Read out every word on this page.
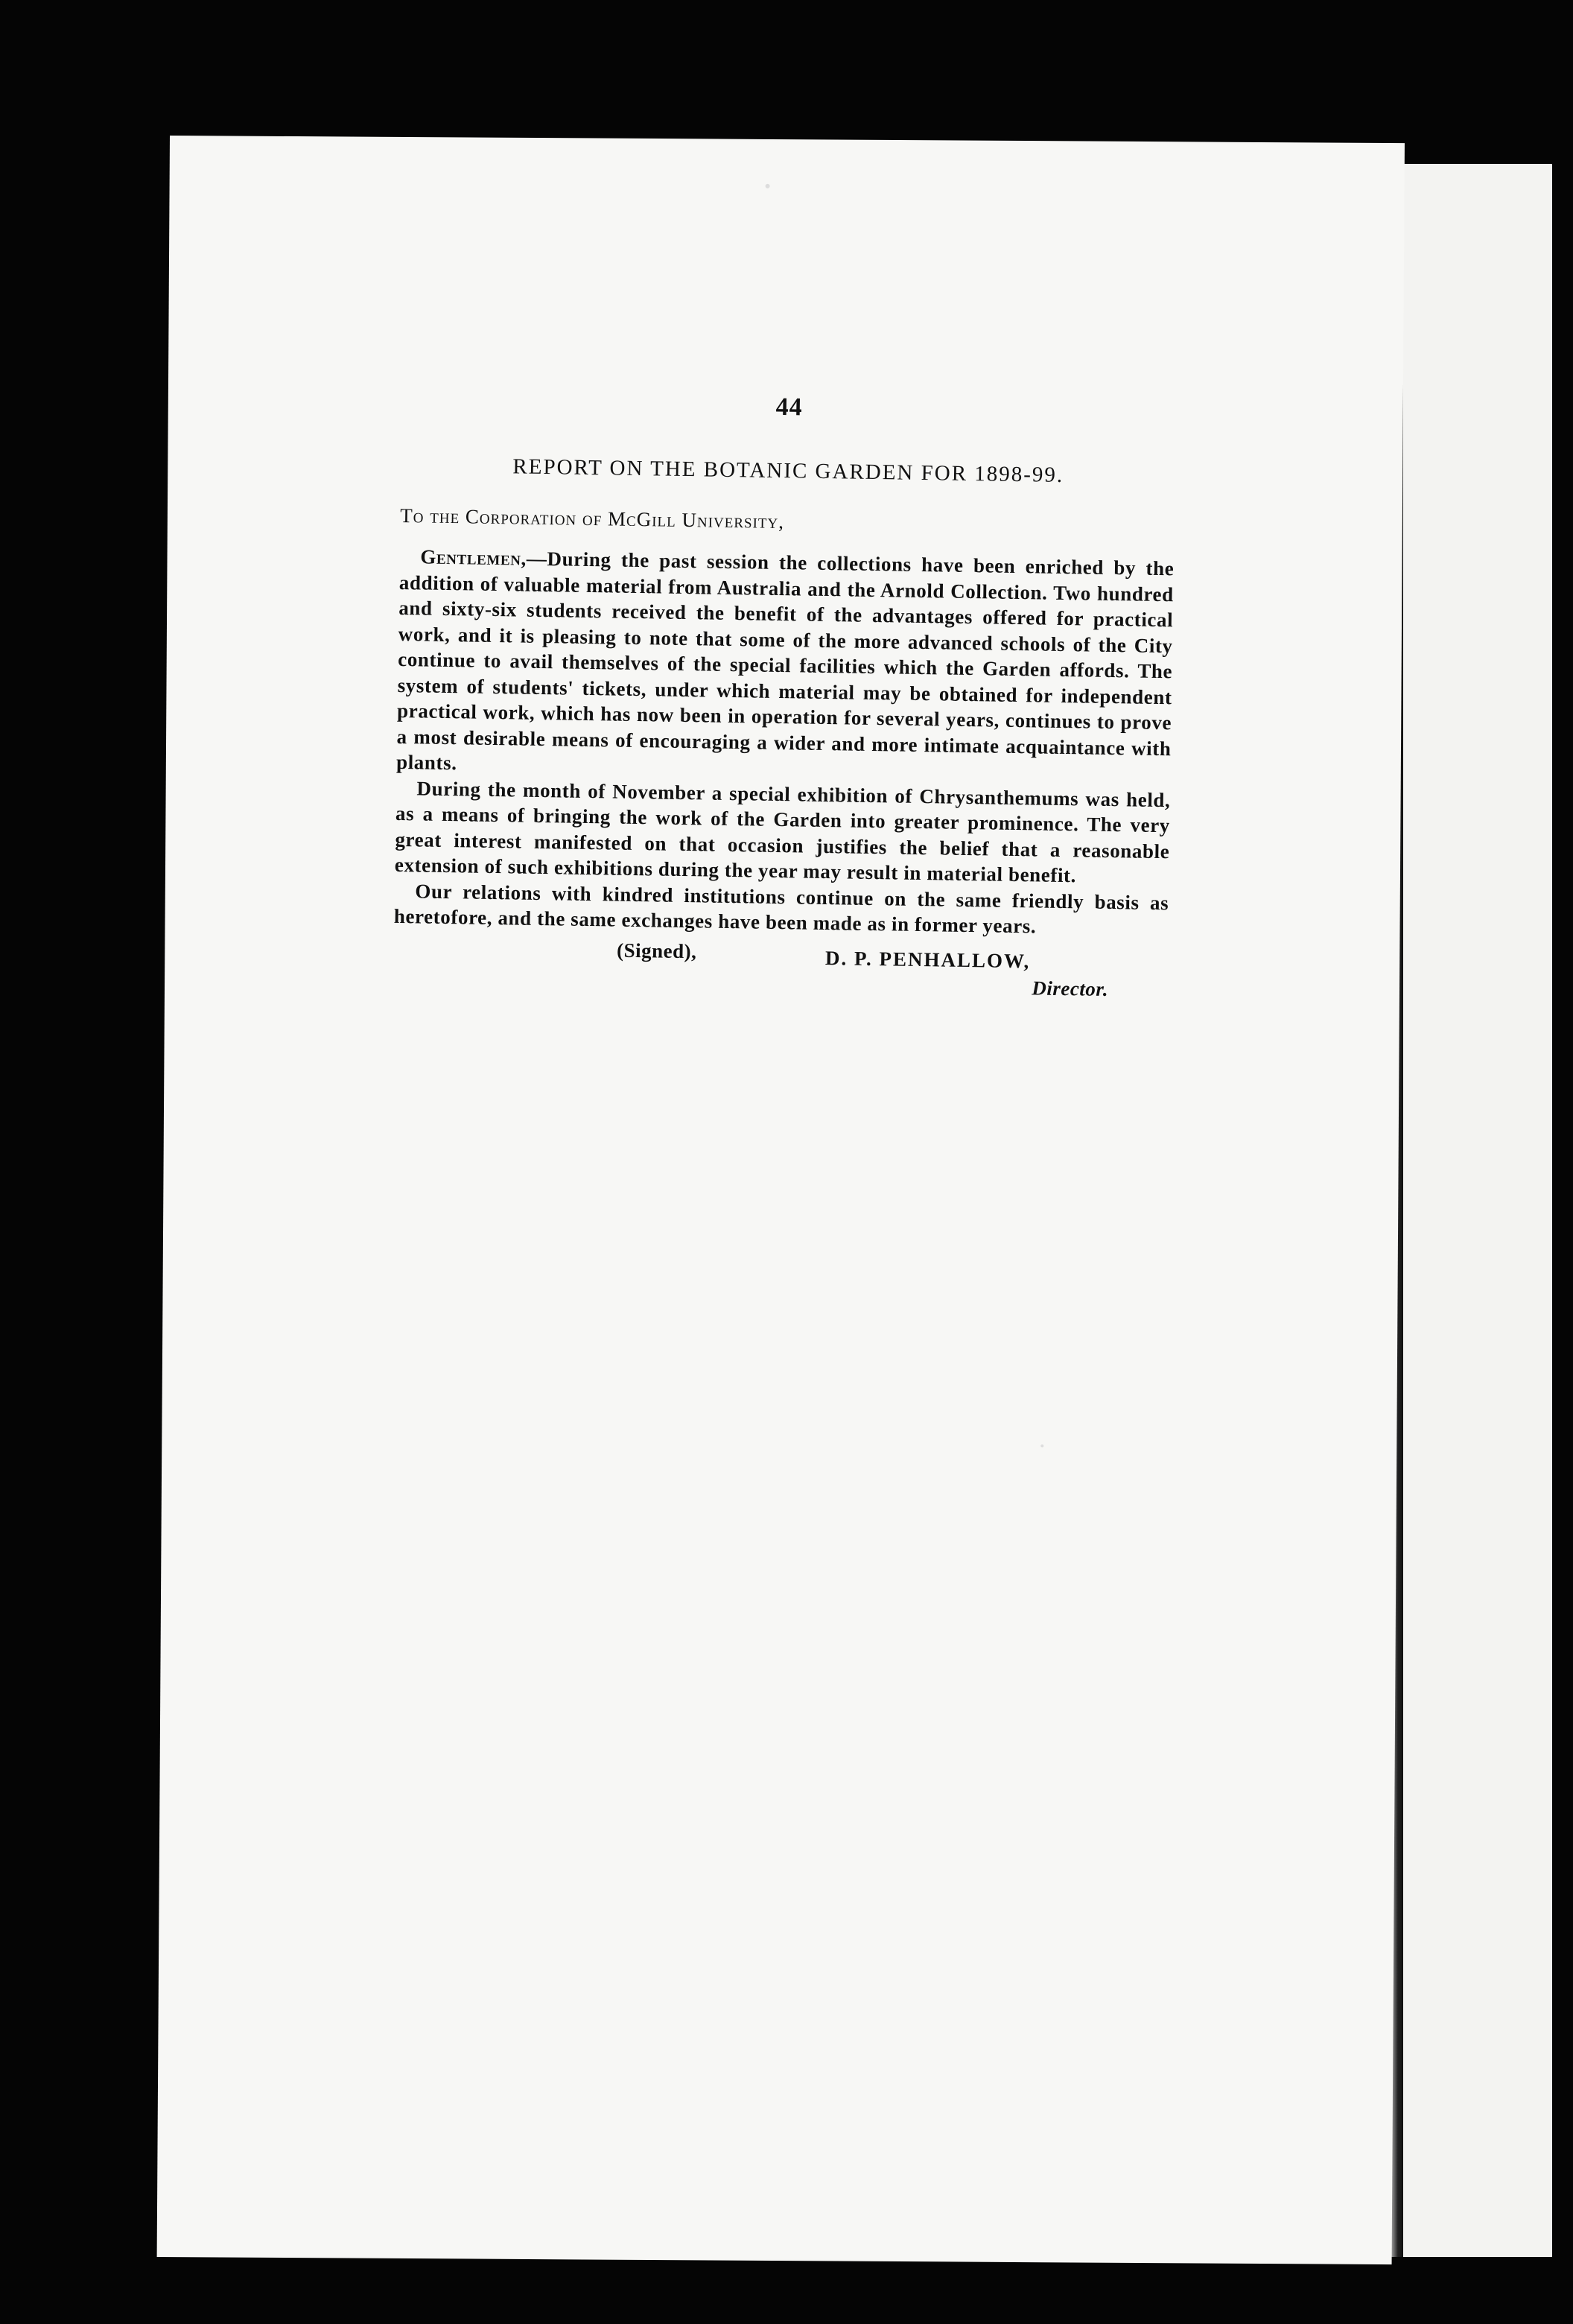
44
REPORT ON THE BOTANIC GARDEN FOR 1898-99.
To the Corporation of McGill University,

Gentlemen,—During the past session the collections have been enriched by the addition of valuable material from Australia and the Arnold Collection. Two hundred and sixty-six students received the benefit of the advantages offered for practical work, and it is pleasing to note that some of the more advanced schools of the City continue to avail themselves of the special facilities which the Garden affords. The system of students' tickets, under which material may be obtained for independent practical work, which has now been in operation for several years, continues to prove a most desirable means of encouraging a wider and more intimate acquaintance with plants.

During the month of November a special exhibition of Chrysanthemums was held, as a means of bringing the work of the Garden into greater prominence. The very great interest manifested on that occasion justifies the belief that a reasonable extension of such exhibitions during the year may result in material benefit.

Our relations with kindred institutions continue on the same friendly basis as heretofore, and the same exchanges have been made as in former years.

(Signed),	D. P. PENHALLOW,
Director.
